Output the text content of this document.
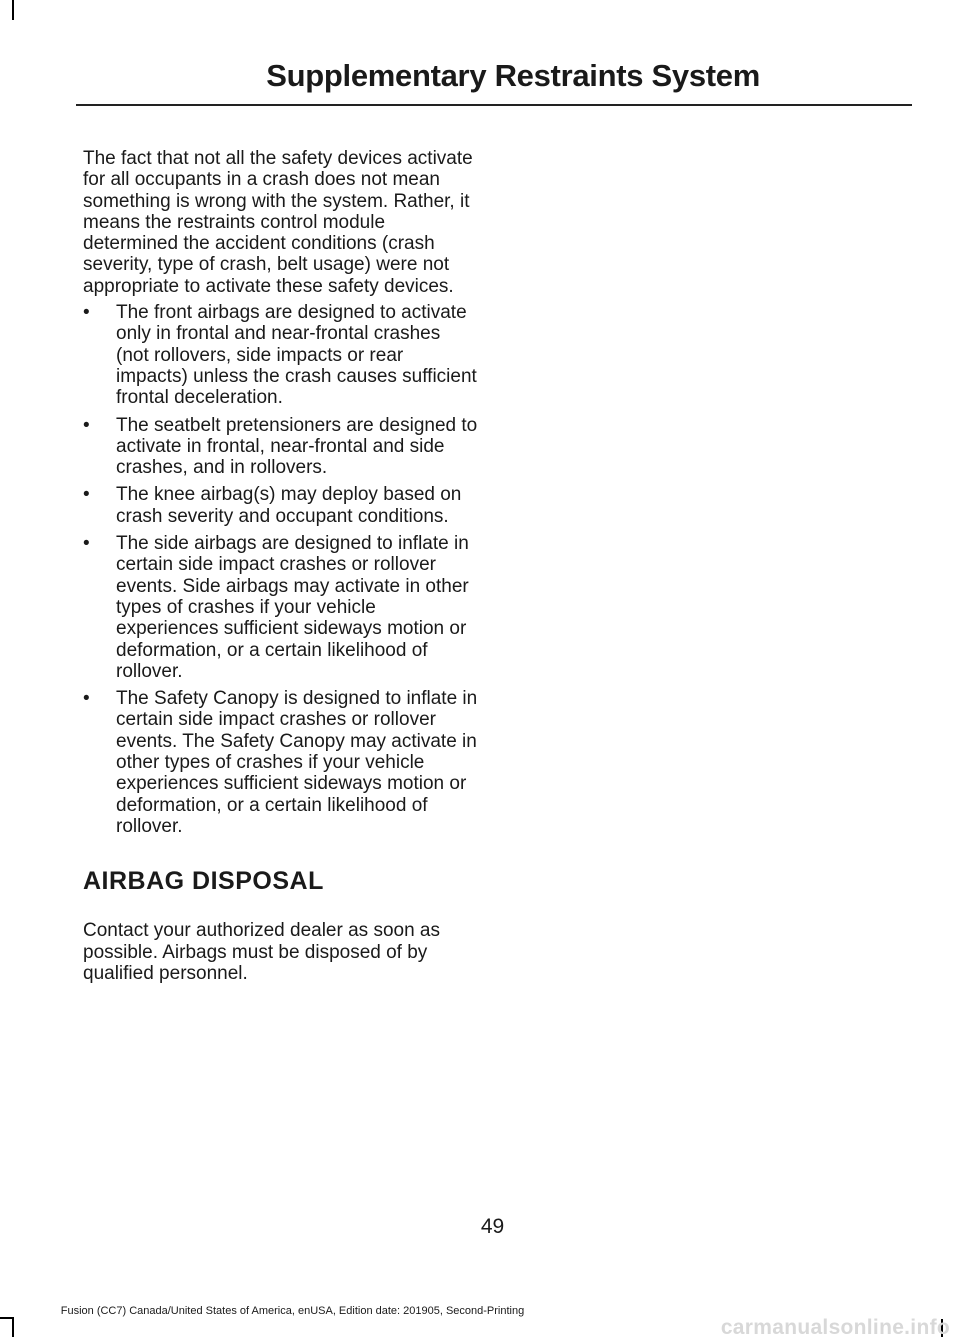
Supplementary Restraints System

The fact that not all the safety devices activate for all occupants in a crash does not mean something is wrong with the system. Rather, it means the restraints control module determined the accident conditions (crash severity, type of crash, belt usage) were not appropriate to activate these safety devices.

• The front airbags are designed to activate only in frontal and near-frontal crashes (not rollovers, side impacts or rear impacts) unless the crash causes sufficient frontal deceleration.
• The seatbelt pretensioners are designed to activate in frontal, near-frontal and side crashes, and in rollovers.
• The knee airbag(s) may deploy based on crash severity and occupant conditions.
• The side airbags are designed to inflate in certain side impact crashes or rollover events. Side airbags may activate in other types of crashes if your vehicle experiences sufficient sideways motion or deformation, or a certain likelihood of rollover.
• The Safety Canopy is designed to inflate in certain side impact crashes or rollover events. The Safety Canopy may activate in other types of crashes if your vehicle experiences sufficient sideways motion or deformation, or a certain likelihood of rollover.
AIRBAG DISPOSAL

Contact your authorized dealer as soon as possible. Airbags must be disposed of by qualified personnel.

49
Fusion (CC7) Canada/United States of America, enUSA, Edition date: 201905, Second-Printing
carmanualsonline.info
